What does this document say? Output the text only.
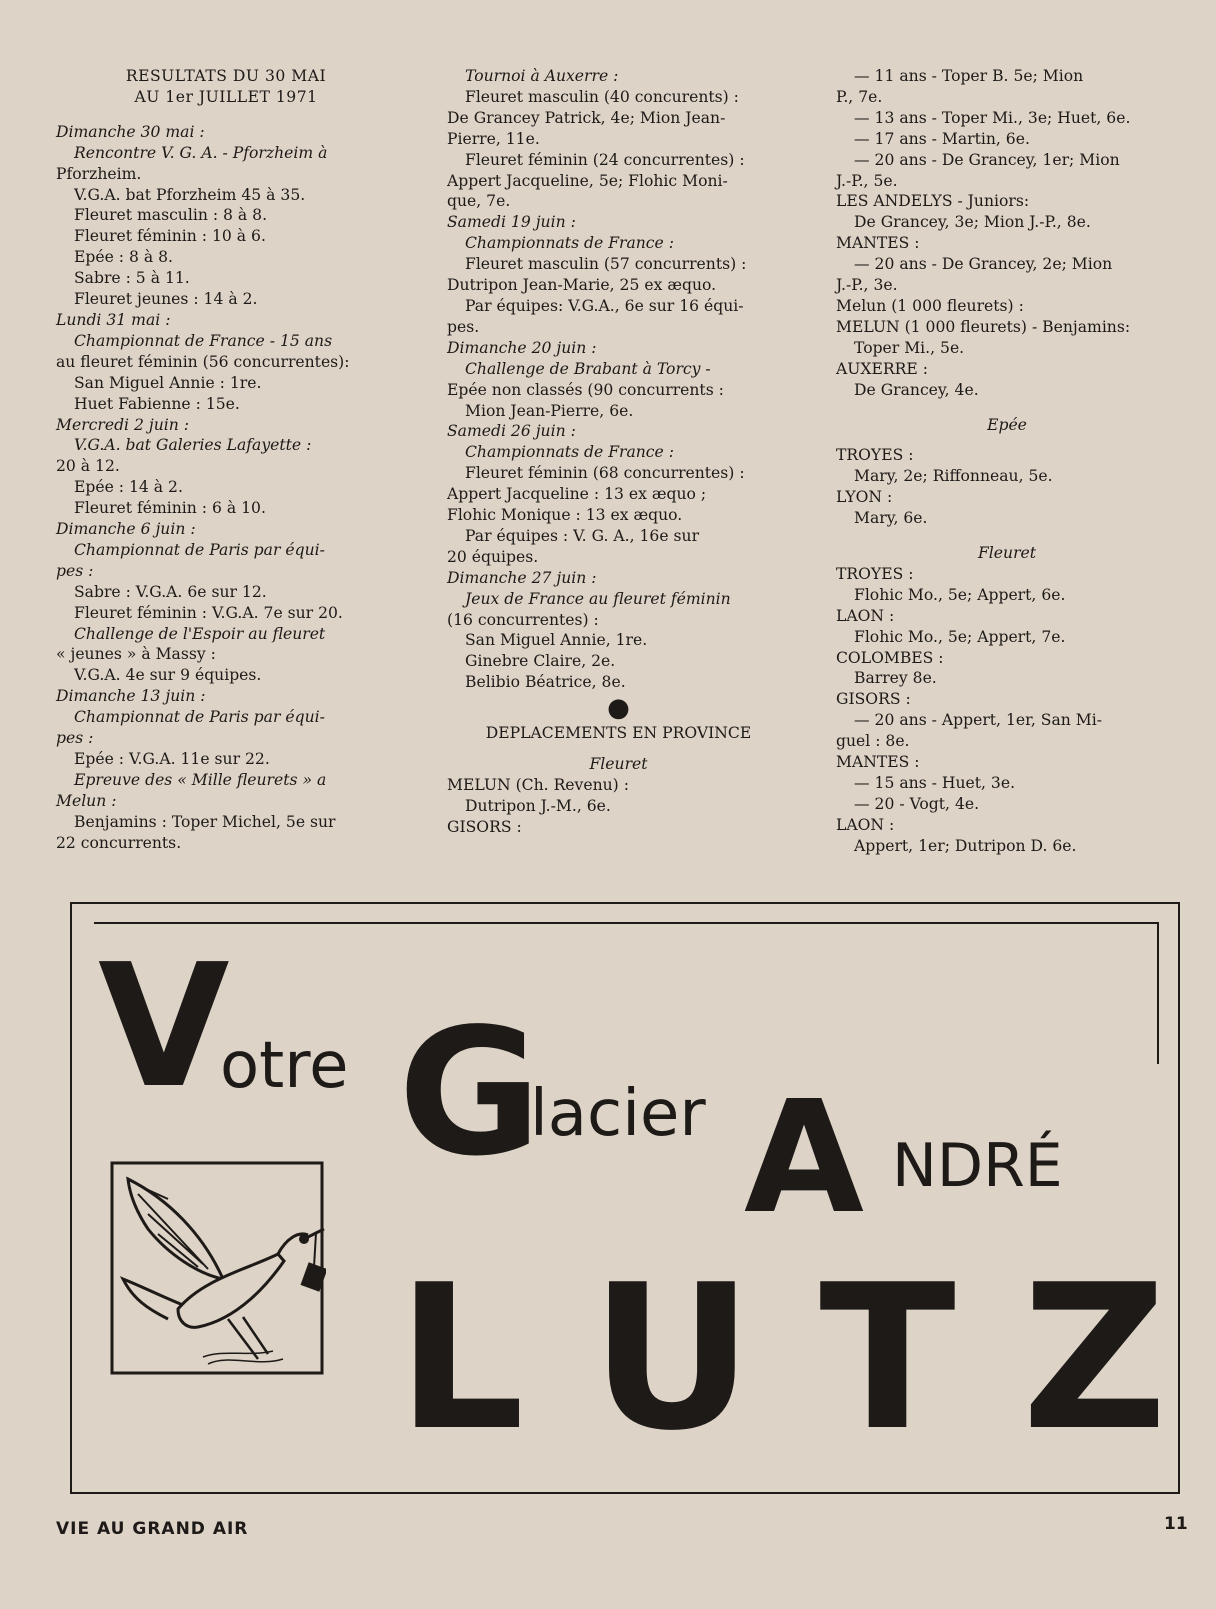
RESULTATS DU 30 MAI

AU 1er JUILLET 1971

Dimanche 30 mai :

Rencontre V. G. A. - Pforzheim à

Pforzheim.

V.G.A. bat Pforzheim 45 à 35.

Fleuret masculin : 8 à 8.

Fleuret féminin : 10 à 6.

Epée : 8 à 8.

Sabre : 5 à 11.

Fleuret jeunes : 14 à 2.

Lundi 31 mai :

Championnat de France - 15 ans

au fleuret féminin (56 concurrentes):

San Miguel Annie : 1re.

Huet Fabienne : 15e.

Mercredi 2 juin :

V.G.A. bat Galeries Lafayette :

20 à 12.

Epée : 14 à 2.

Fleuret féminin : 6 à 10.

Dimanche 6 juin :

Championnat de Paris par équi-

pes :

Sabre : V.G.A. 6e sur 12.

Fleuret féminin : V.G.A. 7e sur 20.

Challenge de l'Espoir au fleuret

« jeunes » à Massy :

V.G.A. 4e sur 9 équipes.

Dimanche 13 juin :

Championnat de Paris par équi-

pes :

Epée : V.G.A. 11e sur 22.

Epreuve des « Mille fleurets » a

Melun :

Benjamins : Toper Michel, 5e sur

22 concurrents.

Tournoi à Auxerre :

Fleuret masculin (40 concurents) :

De Grancey Patrick, 4e; Mion Jean-

Pierre, 11e.

Fleuret féminin (24 concurrentes) :

Appert Jacqueline, 5e; Flohic Moni-

que, 7e.

Samedi 19 juin :

Championnats de France :

Fleuret masculin (57 concurrents) :

Dutripon Jean-Marie, 25 ex æquo.

Par équipes: V.G.A., 6e sur 16 équi-

pes.

Dimanche 20 juin :

Challenge de Brabant à Torcy -

Epée non classés (90 concurrents :

Mion Jean-Pierre, 6e.

Samedi 26 juin :

Championnats de France :

Fleuret féminin (68 concurrentes) :

Appert Jacqueline : 13 ex æquo ;

Flohic Monique : 13 ex æquo.

Par équipes : V. G. A., 16e sur

20 équipes.

Dimanche 27 juin :

Jeux de France au fleuret féminin

(16 concurrentes) :

San Miguel Annie, 1re.

Ginebre Claire, 2e.

Belibio Béatrice, 8e.

●

DEPLACEMENTS EN PROVINCE

Fleuret

MELUN (Ch. Revenu) :

Dutripon J.-M., 6e.

GISORS :

— 11 ans - Toper B. 5e; Mion

P., 7e.

— 13 ans - Toper Mi., 3e; Huet, 6e.

— 17 ans - Martin, 6e.

— 20 ans - De Grancey, 1er; Mion

J.-P., 5e.

LES ANDELYS - Juniors:

De Grancey, 3e; Mion J.-P., 8e.

MANTES :

— 20 ans - De Grancey, 2e; Mion

J.-P., 3e.

Melun (1 000 fleurets) :

MELUN (1 000 fleurets) - Benjamins:

Toper Mi., 5e.

AUXERRE :

De Grancey, 4e.

Epée

TROYES :

Mary, 2e; Riffonneau, 5e.

LYON :

Mary, 6e.

Fleuret

TROYES :

Flohic Mo., 5e; Appert, 6e.

LAON :

Flohic Mo., 5e; Appert, 7e.

COLOMBES :

Barrey 8e.

GISORS :

— 20 ans - Appert, 1er, San Mi-

guel : 8e.

MANTES :

— 15 ans - Huet, 3e.

— 20 - Vogt, 4e.

LAON :

Appert, 1er; Dutripon D. 6e.

V
otre G
lacier A NDRÉ
L U T Z
VIE AU GRAND AIR	11
